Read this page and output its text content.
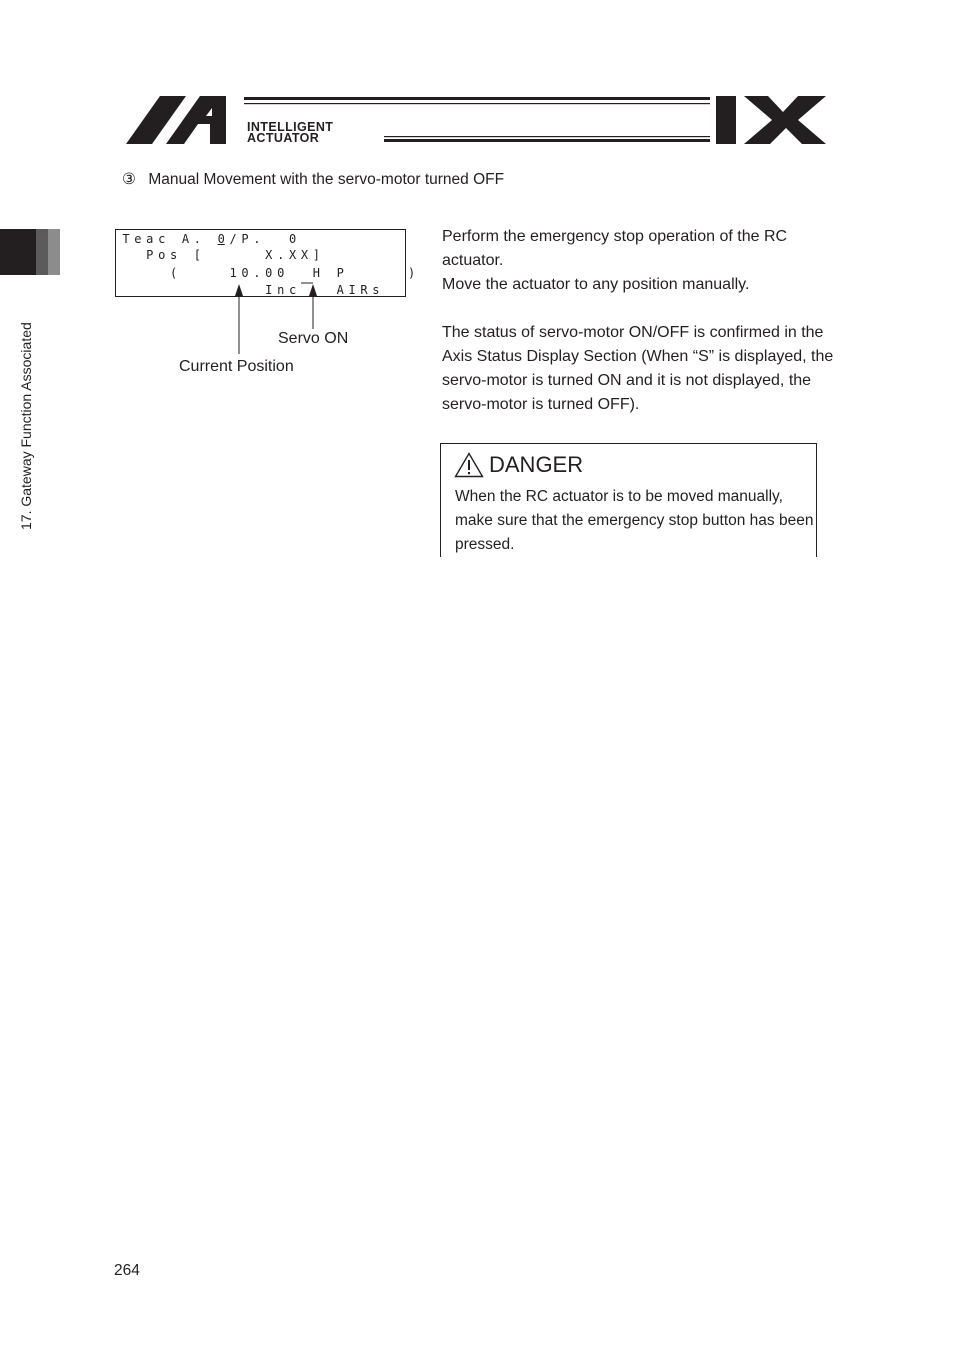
INTELLIGENT
ACTUATOR
17. Gateway Function Associated
③ Manual Movement with the servo-motor turned OFF
T e a c A . 0 / P . 0
P o s [	X . X X ]
(	1 0 . 0 0 H P	)
I n c	A I R s
Servo ON
Current Position
Perform the emergency stop operation of the RC actuator.
Move the actuator to any position manually.
The status of servo-motor ON/OFF is confirmed in the Axis Status Display Section (When “S” is displayed, the servo-motor is turned ON and it is not displayed, the servo-motor is turned OFF).
DANGER
When the RC actuator is to be moved manually, make sure that the emergency stop button has been pressed.
264
